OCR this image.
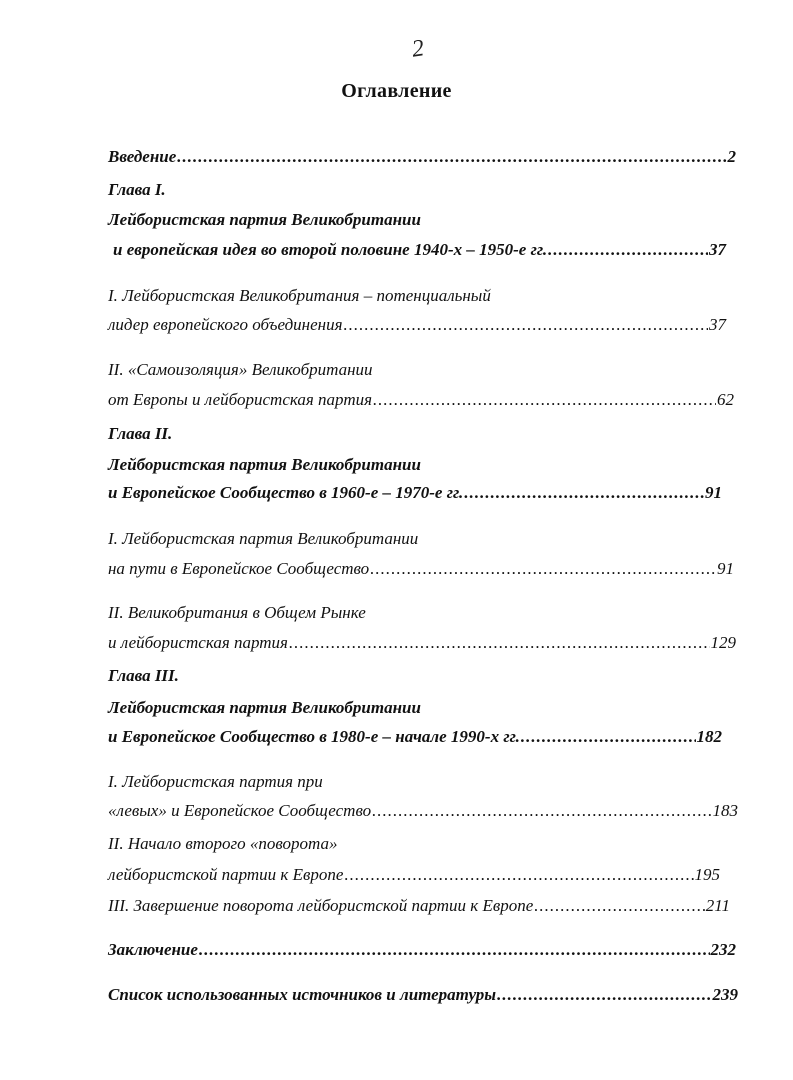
2
Оглавление
Введение .....	2
Глава I.
Лейбористская партия Великобритании
и европейская идея во второй половине 1940-х – 1950-е гг. .....	37
I. Лейбористская Великобритания – потенциальный
лидер европейского объединения .....	37
II. «Самоизоляция» Великобритании
от Европы и лейбористская партия .....	62
Глава II.
Лейбористская партия Великобритании
и Европейское Сообщество в 1960-е – 1970-е гг. .....	91
I. Лейбористская партия Великобритании
на пути в Европейское Сообщество .....	91
II. Великобритания в Общем Рынке
и лейбористская партия .....	129
Глава III.
Лейбористская партия Великобритании
и Европейское Сообщество в 1980-е – начале 1990-х гг. .....	182
I. Лейбористская партия при
«левых» и Европейское Сообщество .....	183
II. Начало второго «поворота»
лейбористской партии к Европе .....	195
III. Завершение поворота лейбористской партии к Европе .....	211
Заключение .....	232
Список использованных источников и литературы .....	239
